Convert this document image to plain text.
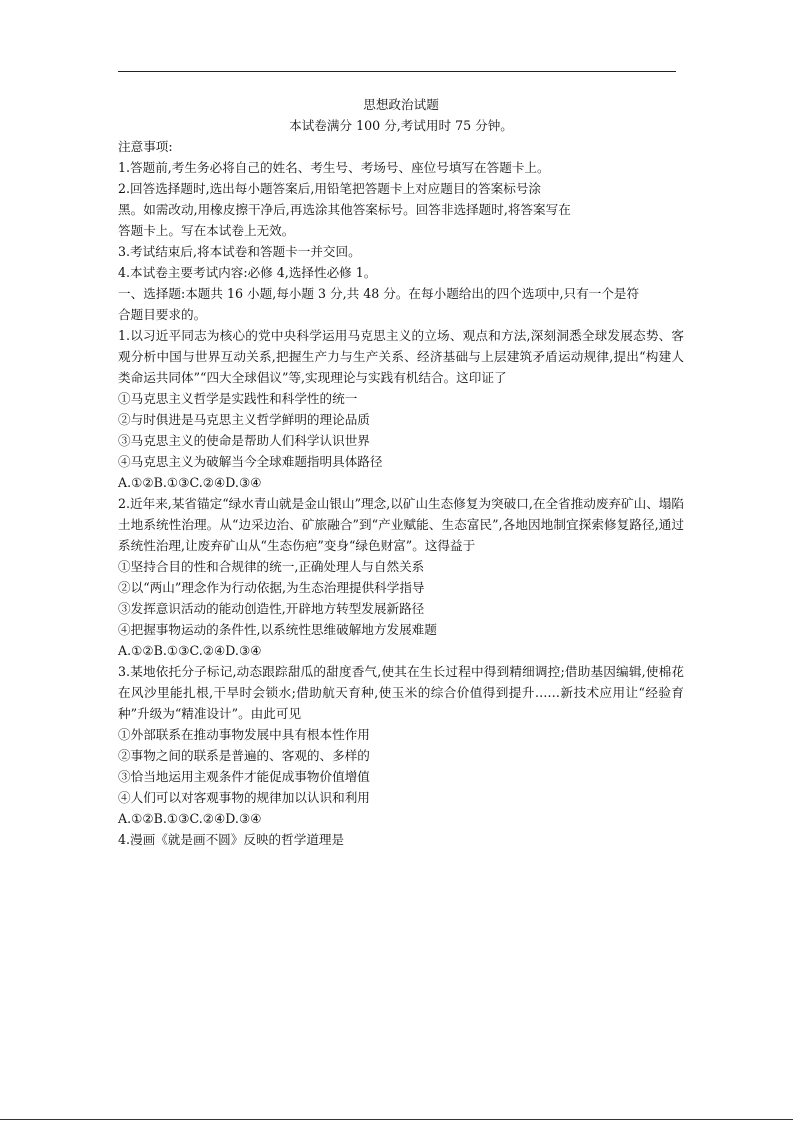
思想政治试题
本试卷满分 100 分,考试用时 75 分钟。
注意事项:
1.答题前,考生务必将自己的姓名、考生号、考场号、座位号填写在答题卡上。
2.回答选择题时,选出每小题答案后,用铅笔把答题卡上对应题目的答案标号涂
黑。如需改动,用橡皮擦干净后,再选涂其他答案标号。回答非选择题时,将答案写在
答题卡上。写在本试卷上无效。
3.考试结束后,将本试卷和答题卡一并交回。
4.本试卷主要考试内容:必修 4,选择性必修 1。
一、选择题:本题共 16 小题,每小题 3 分,共 48 分。在每小题给出的四个选项中,只有一个是符
合题目要求的。
1.以习近平同志为核心的党中央科学运用马克思主义的立场、观点和方法,深刻洞悉全球发展态势、客观分析中国与世界互动关系,把握生产力与生产关系、经济基础与上层建筑矛盾运动规律,提出“构建人类命运共同体”“四大全球倡议”等,实现理论与实践有机结合。这印证了
①马克思主义哲学是实践性和科学性的统一
②与时俱进是马克思主义哲学鲜明的理论品质
③马克思主义的使命是帮助人们科学认识世界
④马克思主义为破解当今全球难题指明具体路径
A.①②B.①③C.②④D.③④
2.近年来,某省锚定“绿水青山就是金山银山”理念,以矿山生态修复为突破口,在全省推动废弃矿山、塌陷土地系统性治理。从“边采边治、矿旅融合”到“产业赋能、生态富民”,各地因地制宜探索修复路径,通过系统性治理,让废弃矿山从“生态伤疤”变身“绿色财富”。这得益于
①坚持合目的性和合规律的统一,正确处理人与自然关系
②以“两山”理念作为行动依据,为生态治理提供科学指导
③发挥意识活动的能动创造性,开辟地方转型发展新路径
④把握事物运动的条件性,以系统性思维破解地方发展难题
A.①②B.①③C.②④D.③④
3.某地依托分子标记,动态跟踪甜瓜的甜度香气,使其在生长过程中得到精细调控;借助基因编辑,使棉花在风沙里能扎根,干旱时会锁水;借助航天育种,使玉米的综合价值得到提升……新技术应用让“经验育种”升级为“精准设计”。由此可见
①外部联系在推动事物发展中具有根本性作用
②事物之间的联系是普遍的、客观的、多样的
③恰当地运用主观条件才能促成事物价值增值
④人们可以对客观事物的规律加以认识和利用
A.①②B.①③C.②④D.③④
4.漫画《就是画不圆》反映的哲学道理是
